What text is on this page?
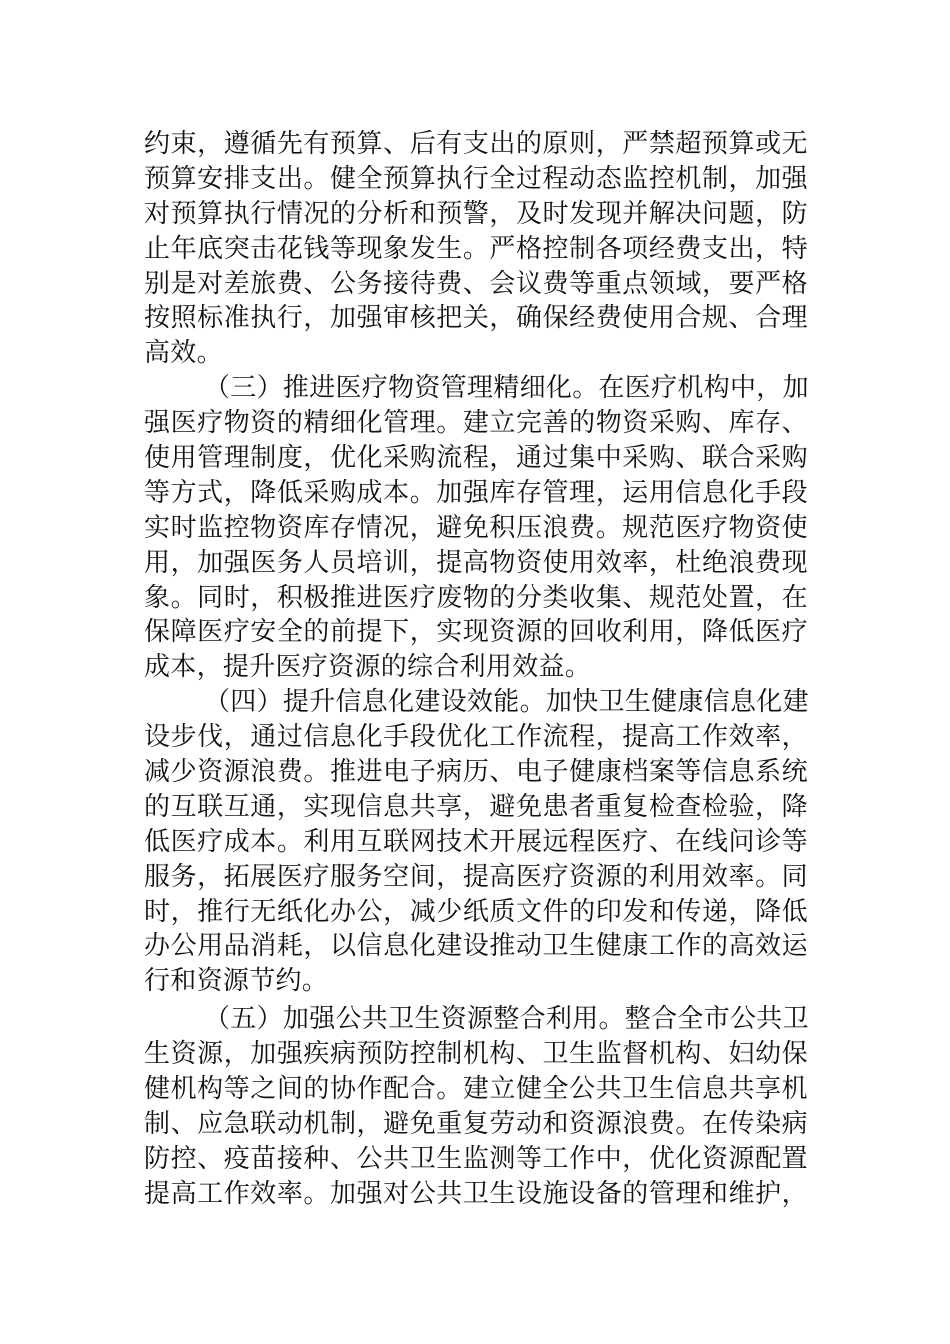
约束，遵循先有预算、后有支出的原则，严禁超预算或无
预算安排支出。健全预算执行全过程动态监控机制，加强
对预算执行情况的分析和预警，及时发现并解决问题，防
止年底突击花钱等现象发生。严格控制各项经费支出，特
别是对差旅费、公务接待费、会议费等重点领域，要严格
按照标准执行，加强审核把关，确保经费使用合规、合理
高效。
（三）推进医疗物资管理精细化。在医疗机构中，加
强医疗物资的精细化管理。建立完善的物资采购、库存、
使用管理制度，优化采购流程，通过集中采购、联合采购
等方式，降低采购成本。加强库存管理，运用信息化手段
实时监控物资库存情况，避免积压浪费。规范医疗物资使
用，加强医务人员培训，提高物资使用效率，杜绝浪费现
象。同时，积极推进医疗废物的分类收集、规范处置，在
保障医疗安全的前提下，实现资源的回收利用，降低医疗
成本，提升医疗资源的综合利用效益。
（四）提升信息化建设效能。加快卫生健康信息化建
设步伐，通过信息化手段优化工作流程，提高工作效率，
减少资源浪费。推进电子病历、电子健康档案等信息系统
的互联互通，实现信息共享，避免患者重复检查检验，降
低医疗成本。利用互联网技术开展远程医疗、在线问诊等
服务，拓展医疗服务空间，提高医疗资源的利用效率。同
时，推行无纸化办公，减少纸质文件的印发和传递，降低
办公用品消耗，以信息化建设推动卫生健康工作的高效运
行和资源节约。
（五）加强公共卫生资源整合利用。整合全市公共卫
生资源，加强疾病预防控制机构、卫生监督机构、妇幼保
健机构等之间的协作配合。建立健全公共卫生信息共享机
制、应急联动机制，避免重复劳动和资源浪费。在传染病
防控、疫苗接种、公共卫生监测等工作中，优化资源配置
提高工作效率。加强对公共卫生设施设备的管理和维护，
